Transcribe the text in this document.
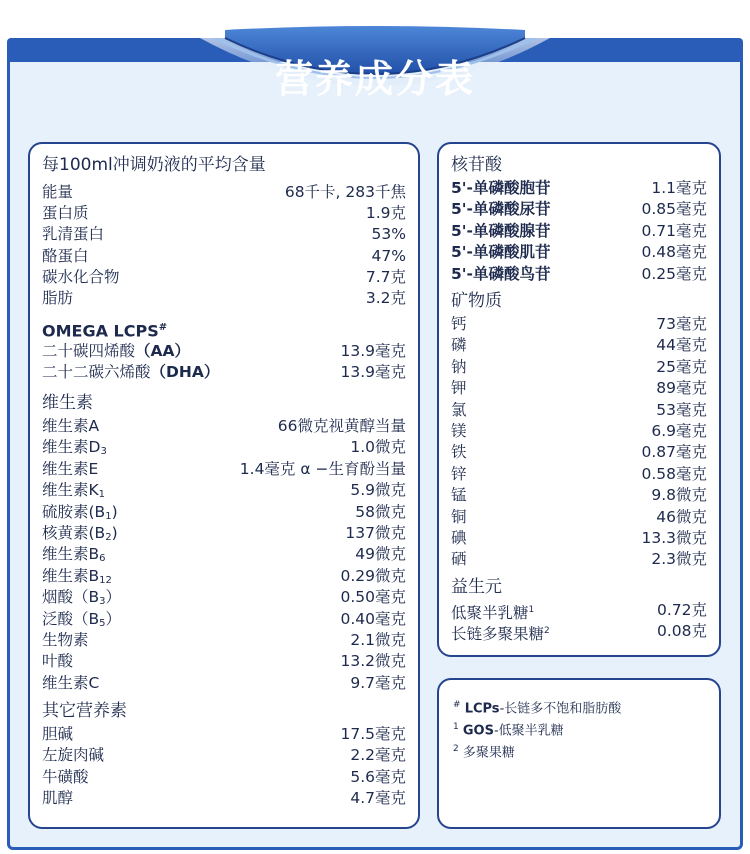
营养成分表
每100ml冲调奶液的平均含量
能量	68千卡, 283千焦
蛋白质	1.9克
乳清蛋白	53%
酪蛋白	47%
碳水化合物	7.7克
脂肪	3.2克
OMEGA LCPS#
二十碳四烯酸（AA）	13.9毫克
二十二碳六烯酸（DHA）	13.9毫克
维生素
维生素A	66微克视黄醇当量
维生素$D_3$	1.0微克
维生素E	1.4毫克 α −生育酚当量
维生素$K_1$	5.9微克
硫胺素$(B_1)$	58微克
核黄素$(B_2)$	137微克
维生素$B_6$	49微克
维生素$B_{12}$	0.29微克
烟酸$(B_3)$	0.50毫克
泛酸$(B_5)$	0.40毫克
生物素	2.1微克
叶酸	13.2微克
维生素C	9.7毫克
其它营养素
胆碱	17.5毫克
左旋肉碱	2.2毫克
牛磺酸	5.6毫克
肌醇	4.7毫克
核苷酸
5'-单磷酸胞苷	1.1毫克
5'-单磷酸尿苷	0.85毫克
5'-单磷酸腺苷	0.71毫克
5'-单磷酸肌苷	0.48毫克
5'-单磷酸鸟苷	0.25毫克
矿物质
钙	73毫克
磷	44毫克
钠	25毫克
钾	89毫克
氯	53毫克
镁	6.9毫克
铁	0.87毫克
锌	0.58毫克
锰	9.8微克
铜	46微克
碘	13.3微克
硒	2.3微克
益生元
低聚半乳糖$^1$	0.72克
长链多聚果糖$^2$	0.08克
# LCPs-长链多不饱和脂肪酸
$^1$ GOS-低聚半乳糖
$^2$ 多聚果糖
